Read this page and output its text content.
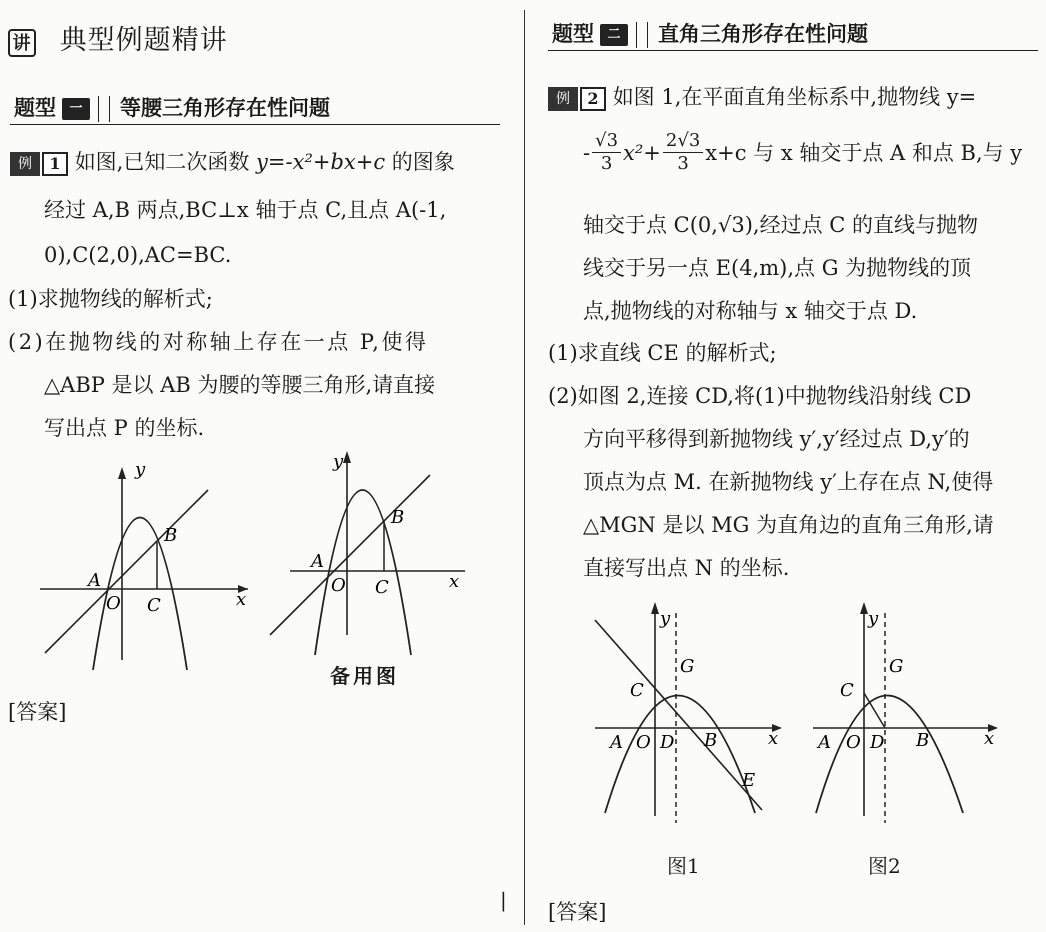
讲 典型例题精讲
题型 一 等腰三角形存在性问题
例	1 如图,已知二次函数 y=-x²+bx+c 的图象
经过 A,B 两点,BC⊥x 轴于点 C,且点 A(-1,
0),C(2,0),AC=BC.
(1)求抛物线的解析式;
(2)在抛物线的对称轴上存在一点 P,使得
△ABP 是以 AB 为腰的等腰三角形,请直接
写出点 P 的坐标.
y
x
A
O
B
C
y
x
A
O
B
C
备用图
[答案]
|
题型 二 直角三角形存在性问题
例	2 如图 1,在平面直角坐标系中,抛物线 y=
- $\frac{√3}{3} x^2+ \frac{2√3}{3} x+c$ 与 x 轴交于点 A 和点 B,与 y
轴交于点 C(0,√3),经过点 C 的直线与抛物
线交于另一点 E(4,m),点 G 为抛物线的顶
点,抛物线的对称轴与 x 轴交于点 D.
(1)求直线 CE 的解析式;
(2)如图 2,连接 CD,将(1)中抛物线沿射线 CD
方向平移得到新抛物线 y′,y′经过点 D,y′的
顶点为点 M. 在新抛物线 y′上存在点 N,使得
△MGN 是以 MG 为直角边的直角三角形,请
直接写出点 N 的坐标.
y
x
A O D B
C
G
E
图1
y
x
A O D B
C
G
图2
[答案]
